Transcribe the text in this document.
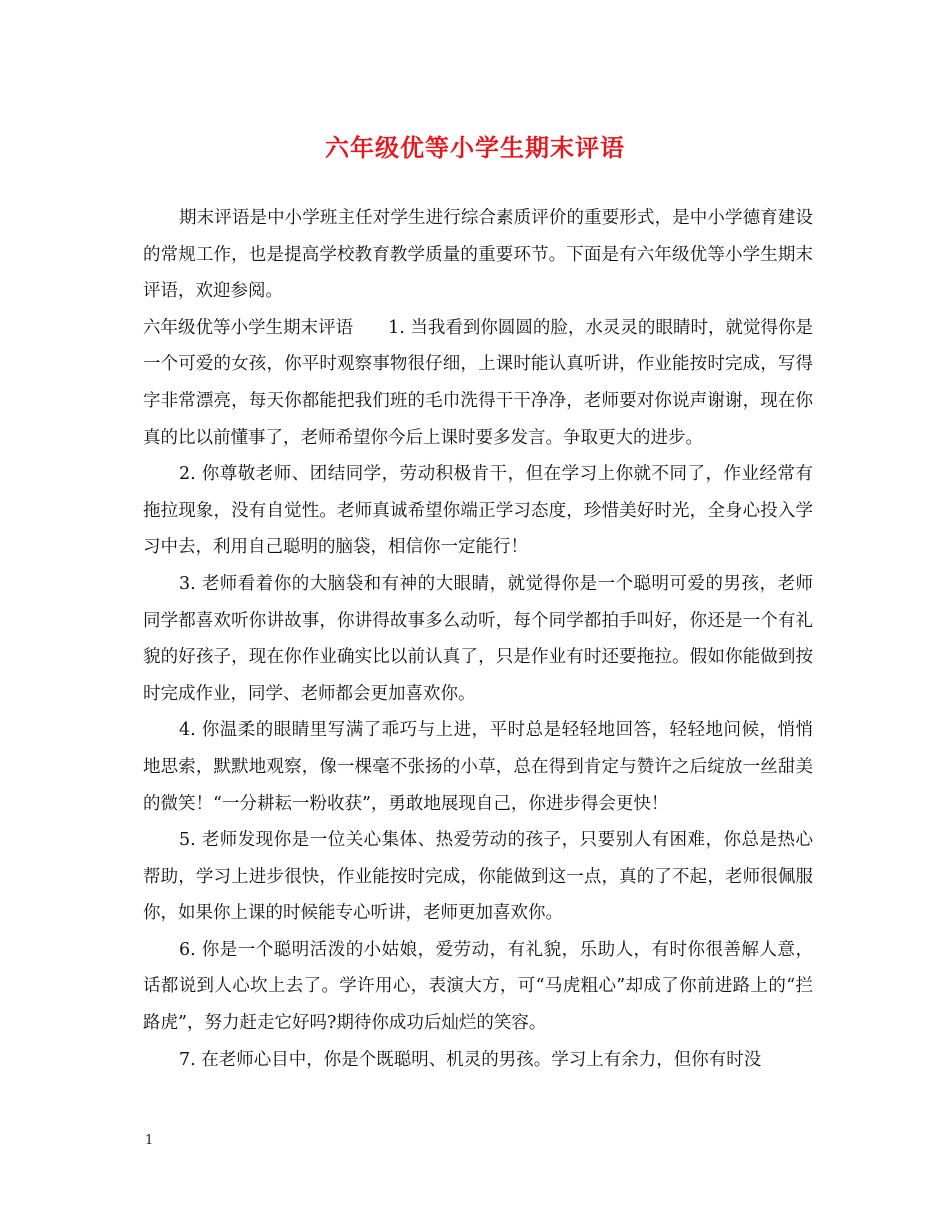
六年级优等小学生期末评语

期末评语是中小学班主任对学生进行综合素质评价的重要形式，是中小学德育建设的常规工作，也是提高学校教育教学质量的重要环节。下面是有六年级优等小学生期末评语，欢迎参阅。

六年级优等小学生期末评语　　1. 当我看到你圆圆的脸，水灵灵的眼睛时，就觉得你是一个可爱的女孩，你平时观察事物很仔细，上课时能认真听讲，作业能按时完成，写得字非常漂亮，每天你都能把我们班的毛巾洗得干干净净，老师要对你说声谢谢，现在你真的比以前懂事了，老师希望你今后上课时要多发言。争取更大的进步。

2. 你尊敬老师、团结同学，劳动积极肯干，但在学习上你就不同了，作业经常有拖拉现象，没有自觉性。老师真诚希望你端正学习态度，珍惜美好时光，全身心投入学习中去，利用自己聪明的脑袋，相信你一定能行！

3. 老师看着你的大脑袋和有神的大眼睛，就觉得你是一个聪明可爱的男孩，老师同学都喜欢听你讲故事，你讲得故事多么动听，每个同学都拍手叫好，你还是一个有礼貌的好孩子，现在你作业确实比以前认真了，只是作业有时还要拖拉。假如你能做到按时完成作业，同学、老师都会更加喜欢你。

4. 你温柔的眼睛里写满了乖巧与上进，平时总是轻轻地回答，轻轻地问候，悄悄地思索，默默地观察，像一棵毫不张扬的小草，总在得到肯定与赞许之后绽放一丝甜美的微笑！“一分耕耘一粉收获”，勇敢地展现自己，你进步得会更快！

5. 老师发现你是一位关心集体、热爱劳动的孩子，只要别人有困难，你总是热心帮助，学习上进步很快，作业能按时完成，你能做到这一点，真的了不起，老师很佩服你，如果你上课的时候能专心听讲，老师更加喜欢你。

6. 你是一个聪明活泼的小姑娘，爱劳动，有礼貌，乐助人，有时你很善解人意，话都说到人心坎上去了。学许用心，表演大方，可“马虎粗心”却成了你前进路上的“拦路虎”，努力赶走它好吗?期待你成功后灿烂的笑容。

7. 在老师心目中，你是个既聪明、机灵的男孩。学习上有余力，但你有时没

1
